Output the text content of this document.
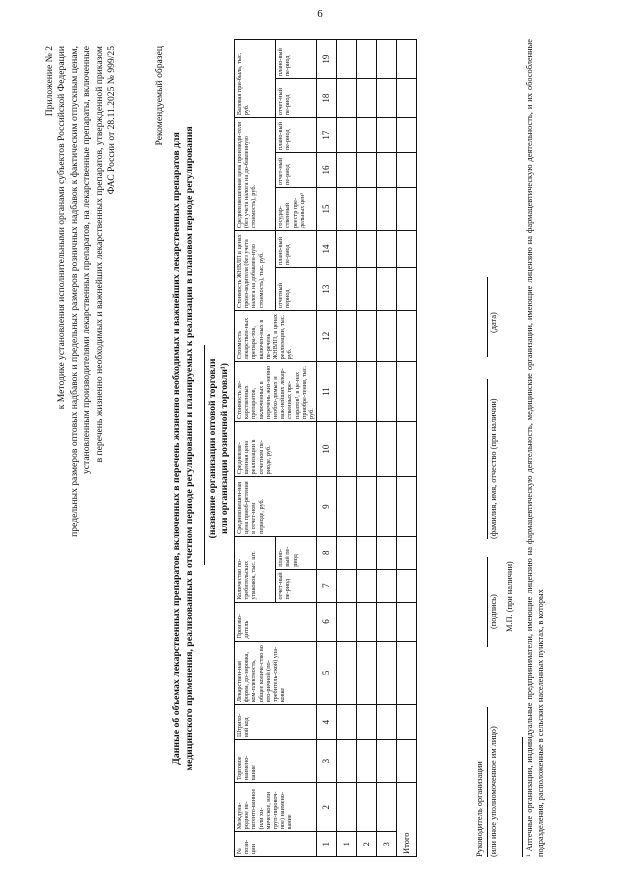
6
Приложение № 2 к Методике установления исполнительными органами субъектов Российской Федерации предельных размеров оптовых надбавок и предельных размеров розничных надбавок к фактическим отпускным ценам, установленным производителями лекарственных препаратов, на лекарственные препараты, включенные в перечень жизненно необходимых и важнейших лекарственных препаратов, утвержденной приказом ФАС России от 28.11.2025 № 999/25	Рекомендуемый образец
Данные об объемах лекарственных препаратов, включенных в перечень жизненно необходимых и важнейших лекарственных препаратов для медицинского применения, реализованных в отчетном периоде регулирования и планируемых к реализации в плановом периоде регулирования (название организации оптовой торговли или организации розничной торговли¹)
№ пози-ции	Междуна-родное не-патенто-ванное (или хи-мическое, или груп-пировоч-ное) наимено-вание	Торговое наимено-вание	Штрихо-вой код	Лекарствен-ная форма, до-зировка, ком-плектность, общее количе-ство во вто-ричной (по-требитель-ской) упа-ковке	Произво-дитель	Количество по-требительских упаковок, тыс. шт.		Средневзвешен-ная цена приоб-ретения в отчет-ном периоде, руб.	Средневзве-шенная цена реализации в отчетном пе-риоде, руб.	Стоимость ле-карственных препаратов, включенных в перечень жиз-ненно необхо-димых и важ-нейших лекар-ственных пре-паратов², в це-нах приобре-тения, тыс. руб.	Стоимость лекарствен-ных препара-тов, включен-ных в пе-речень ЖНВЛП, в ценах реализации, тыс. руб.	Стоимость ЖНВЛП в ценах произ-водителя (без учета налога на добавлен-ную стоимость), тыс. руб.		Средневзвешенная цена производи-теля (без учета налога на до-бавленную стоимость), руб.			Валовая при-быль, тыс. руб.	
						отчет-ный пе-риод	плано-вый пе-риод					отчетный период	плано-вый пе-риод	государ-ственный реестр пре-дельных цен³	отчет-ный пе-риод	плано-вый пе-риод	отчет-ный пе-риод	плано-вый пе-риод
1	2	3	4	5	6	7	8	9	10	11	12	13	14	15	16	17	18	19
1																		
2																		
3																		
Итого																			Руководитель организации (или иное уполномоченное им лицо)
(подпись)
(фамилия, имя, отчество (при наличии)
(дата)
М.П. (при наличии) ¹ Аптечные организации, индивидуальные предприниматели, имеющие лицензию на фармацевтическую деятельность, медицинские организации, имеющие лицензию на фармацевтическую деятельность, и их обособленные подразделения, расположенные в сельских населенных пунктах, в которых
